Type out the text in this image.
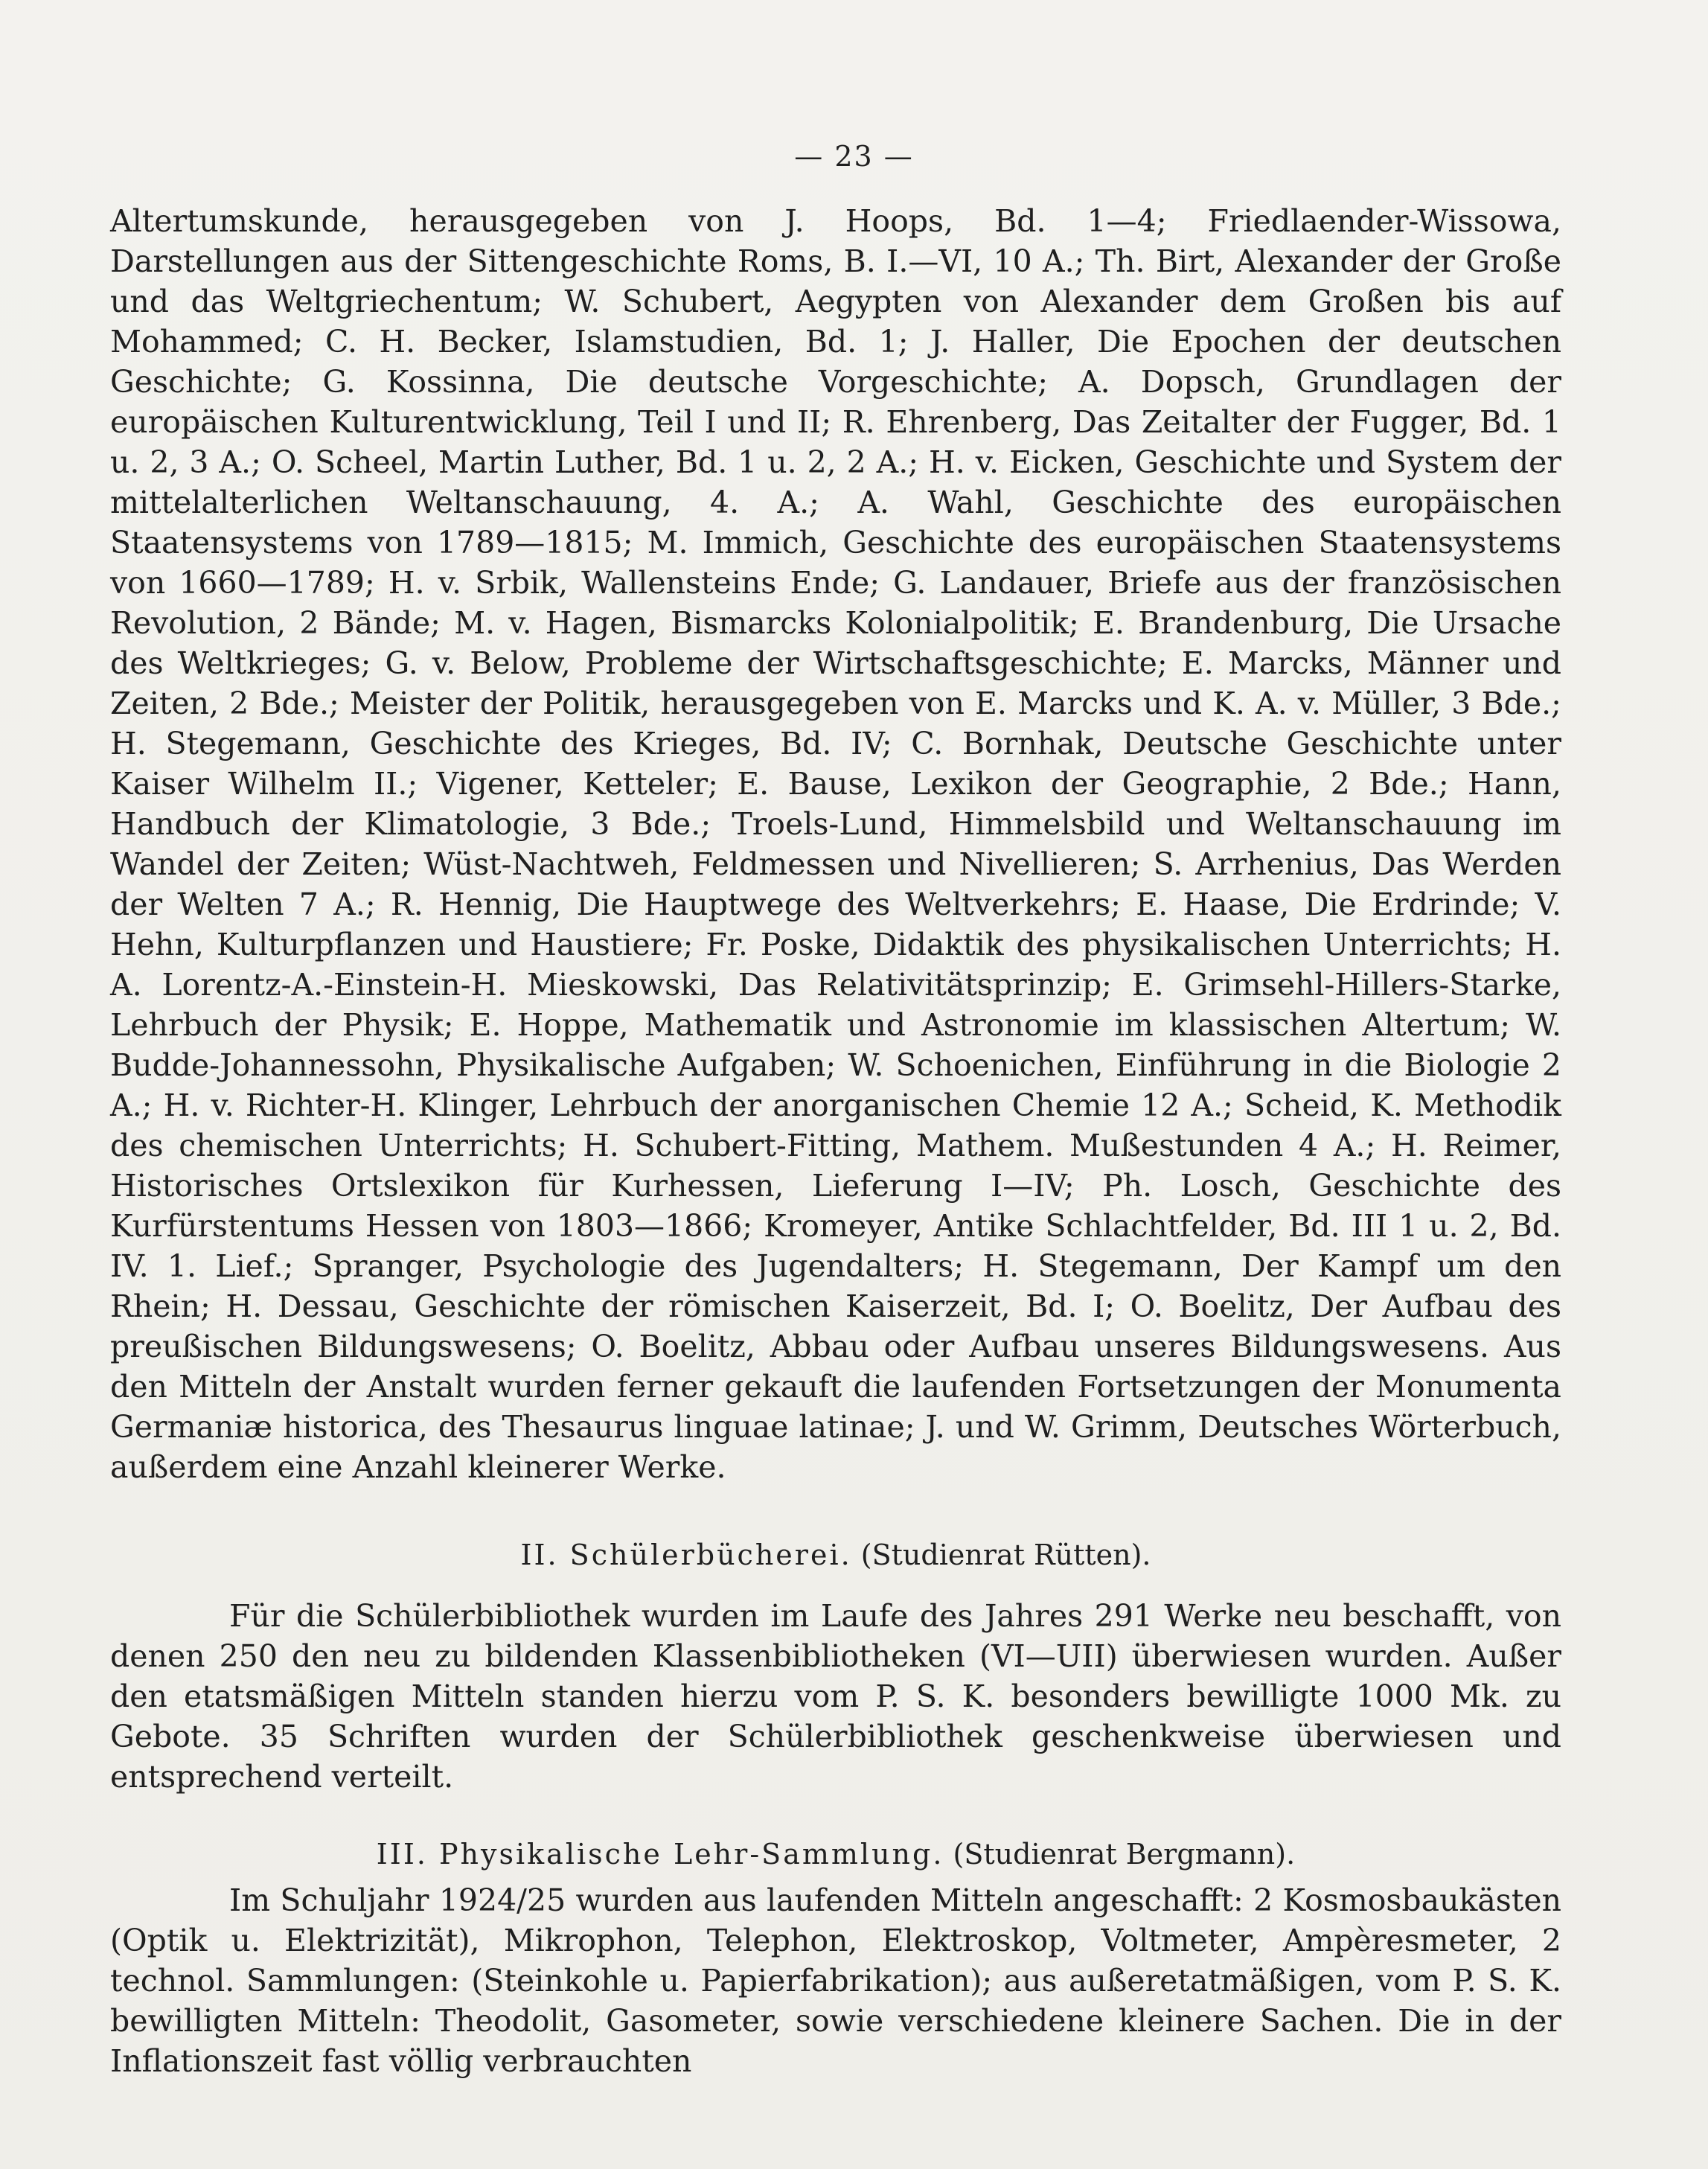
— 23 —

Altertumskunde, herausgegeben von J. Hoops, Bd. 1—4; Friedlaender-Wissowa, Darstellungen aus der Sittengeschichte Roms, B. I.—VI, 10 A.; Th. Birt, Alexander der Große und das Weltgriechentum; W. Schubert, Aegypten von Alexander dem Großen bis auf Mohammed; C. H. Becker, Islamstudien, Bd. 1; J. Haller, Die Epochen der deutschen Geschichte; G. Kossinna, Die deutsche Vorgeschichte; A. Dopsch, Grundlagen der europäischen Kulturentwicklung, Teil I und II; R. Ehrenberg, Das Zeitalter der Fugger, Bd. 1 u. 2, 3 A.; O. Scheel, Martin Luther, Bd. 1 u. 2, 2 A.; H. v. Eicken, Geschichte und System der mittelalterlichen Weltanschauung, 4. A.; A. Wahl, Geschichte des europäischen Staatensystems von 1789—1815; M. Immich, Geschichte des europäischen Staatensystems von 1660—1789; H. v. Srbik, Wallensteins Ende; G. Landauer, Briefe aus der französischen Revolution, 2 Bände; M. v. Hagen, Bismarcks Kolonialpolitik; E. Brandenburg, Die Ursache des Weltkrieges; G. v. Below, Probleme der Wirtschaftsgeschichte; E. Marcks, Männer und Zeiten, 2 Bde.; Meister der Politik, herausgegeben von E. Marcks und K. A. v. Müller, 3 Bde.; H. Stegemann, Geschichte des Krieges, Bd. IV; C. Bornhak, Deutsche Geschichte unter Kaiser Wilhelm II.; Vigener, Ketteler; E. Bause, Lexikon der Geographie, 2 Bde.; Hann, Handbuch der Klimatologie, 3 Bde.; Troels-Lund, Himmelsbild und Weltanschauung im Wandel der Zeiten; Wüst-Nachtweh, Feldmessen und Nivellieren; S. Arrhenius, Das Werden der Welten 7 A.; R. Hennig, Die Hauptwege des Weltverkehrs; E. Haase, Die Erdrinde; V. Hehn, Kulturpflanzen und Haustiere; Fr. Poske, Didaktik des physikalischen Unterrichts; H. A. Lorentz-A.-Einstein-H. Mieskowski, Das Relativitätsprinzip; E. Grimsehl-Hillers-Starke, Lehrbuch der Physik; E. Hoppe, Mathematik und Astronomie im klassischen Altertum; W. Budde-Johannessohn, Physikalische Aufgaben; W. Schoenichen, Einführung in die Biologie 2 A.; H. v. Richter-H. Klinger, Lehrbuch der anorganischen Chemie 12 A.; Scheid, K. Methodik des chemischen Unterrichts; H. Schubert-Fitting, Mathem. Mußestunden 4 A.; H. Reimer, Historisches Ortslexikon für Kurhessen, Lieferung I—IV; Ph. Losch, Geschichte des Kurfürstentums Hessen von 1803—1866; Kromeyer, Antike Schlachtfelder, Bd. III 1 u. 2, Bd. IV. 1. Lief.; Spranger, Psychologie des Jugendalters; H. Stegemann, Der Kampf um den Rhein; H. Dessau, Geschichte der römischen Kaiserzeit, Bd. I; O. Boelitz, Der Aufbau des preußischen Bildungswesens; O. Boelitz, Abbau oder Aufbau unseres Bildungswesens. Aus den Mitteln der Anstalt wurden ferner gekauft die laufenden Fortsetzungen der Monumenta Germaniæ historica, des Thesaurus linguae latinae; J. und W. Grimm, Deutsches Wörterbuch, außerdem eine Anzahl kleinerer Werke.

II. Schülerbücherei. (Studienrat Rütten).

Für die Schülerbibliothek wurden im Laufe des Jahres 291 Werke neu beschafft, von denen 250 den neu zu bildenden Klassenbibliotheken (VI—UII) überwiesen wurden. Außer den etatsmäßigen Mitteln standen hierzu vom P. S. K. besonders bewilligte 1000 Mk. zu Gebote. 35 Schriften wurden der Schülerbibliothek geschenkweise überwiesen und entsprechend verteilt.

III. Physikalische Lehr-Sammlung. (Studienrat Bergmann).

Im Schuljahr 1924/25 wurden aus laufenden Mitteln angeschafft: 2 Kosmosbaukästen (Optik u. Elektrizität), Mikrophon, Telephon, Elektroskop, Voltmeter, Ampèresmeter, 2 technol. Sammlungen: (Steinkohle u. Papierfabrikation); aus außeretatmäßigen, vom P. S. K. bewilligten Mitteln: Theodolit, Gasometer, sowie verschiedene kleinere Sachen. Die in der Inflationszeit fast völlig verbrauchten
